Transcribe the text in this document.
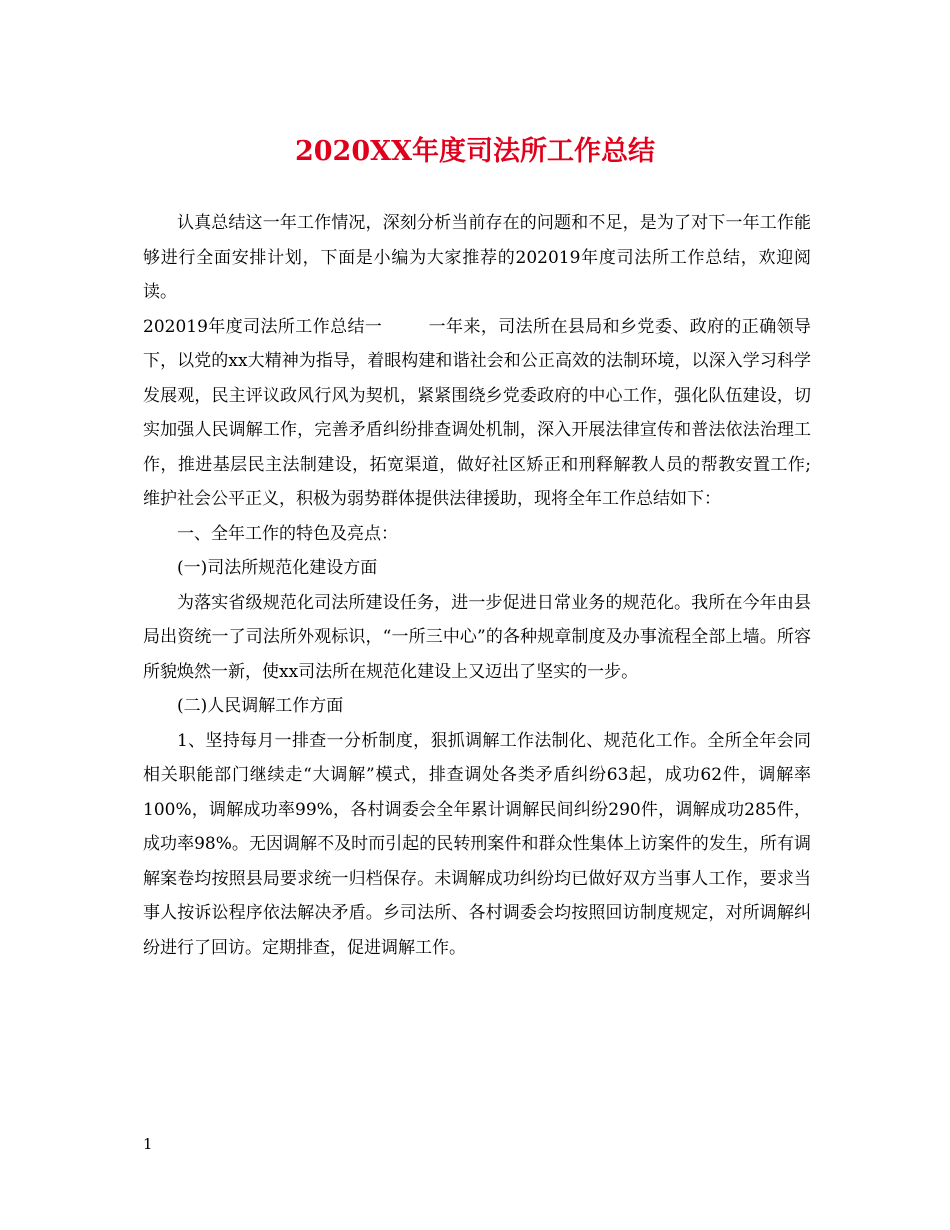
2020XX年度司法所工作总结

认真总结这一年工作情况，深刻分析当前存在的问题和不足，是为了对下一年工作能够进行全面安排计划，下面是小编为大家推荐的202019年度司法所工作总结，欢迎阅读。

202019年度司法所工作总结一	一年来，司法所在县局和乡党委、政府的正确领导下，以党的xx大精神为指导，着眼构建和谐社会和公正高效的法制环境，以深入学习科学发展观，民主评议政风行风为契机，紧紧围绕乡党委政府的中心工作，强化队伍建设，切实加强人民调解工作，完善矛盾纠纷排查调处机制，深入开展法律宣传和普法依法治理工作，推进基层民主法制建设，拓宽渠道，做好社区矫正和刑释解教人员的帮教安置工作;维护社会公平正义，积极为弱势群体提供法律援助，现将全年工作总结如下：

一、全年工作的特色及亮点：

(一)司法所规范化建设方面

为落实省级规范化司法所建设任务，进一步促进日常业务的规范化。我所在今年由县局出资统一了司法所外观标识，“一所三中心”的各种规章制度及办事流程全部上墙。所容所貌焕然一新，使xx司法所在规范化建设上又迈出了坚实的一步。

(二)人民调解工作方面

1、坚持每月一排查一分析制度，狠抓调解工作法制化、规范化工作。全所全年会同相关职能部门继续走“大调解”模式，排查调处各类矛盾纠纷63起，成功62件，调解率100%，调解成功率99%，各村调委会全年累计调解民间纠纷290件，调解成功285件，成功率98%。无因调解不及时而引起的民转刑案件和群众性集体上访案件的发生，所有调解案卷均按照县局要求统一归档保存。未调解成功纠纷均已做好双方当事人工作，要求当事人按诉讼程序依法解决矛盾。乡司法所、各村调委会均按照回访制度规定，对所调解纠纷进行了回访。定期排查，促进调解工作。

1
